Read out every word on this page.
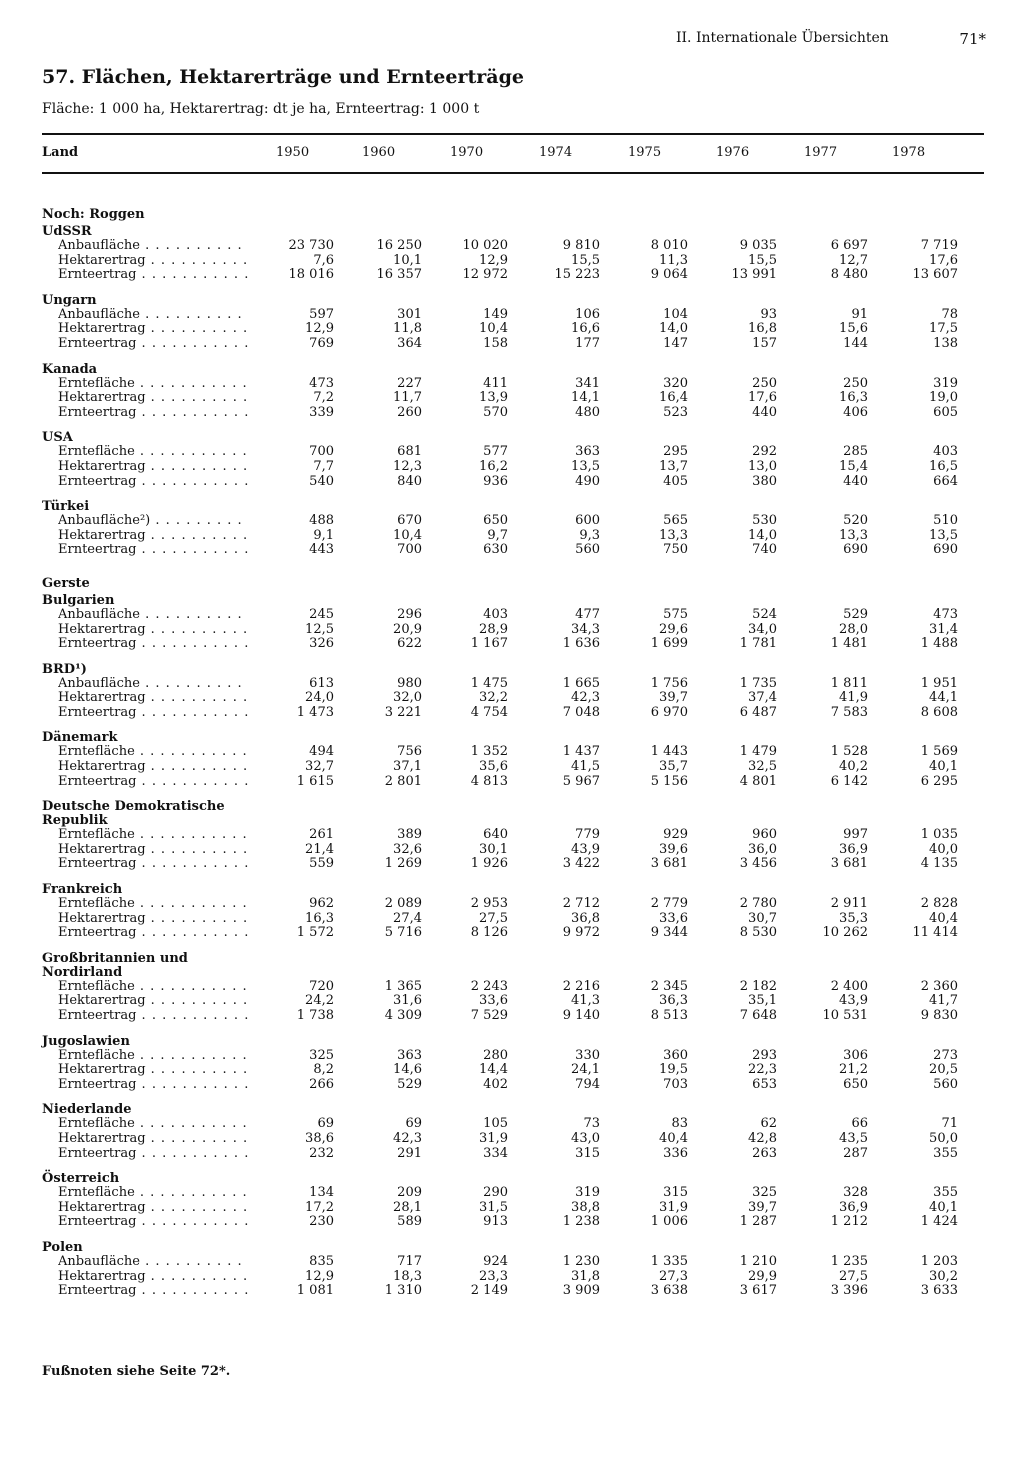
II. Internationale Übersichten	71*
57. Flächen, Hektarerträge und Ernteerträge
Fläche: 1 000 ha, Hektarertrag: dt je ha, Ernteertrag: 1 000 t
Land	1950	1960	1970	1974	1975	1976	1977	1978
Noch: Roggen
UdSSR
Anbaufläche . . .	23 730	16 250	10 020	9 810	8 010	9 035	6 697	7 719
Hektarertrag . . .	7,6	10,1	12,9	15,5	11,3	15,5	12,7	17,6
Ernteertrag . . .	18 016	16 357	12 972	15 223	9 064	13 991	8 480	13 607
Ungarn
Anbaufläche . . .	597	301	149	106	104	93	91	78
Hektarertrag . . .	12,9	11,8	10,4	16,6	14,0	16,8	15,6	17,5
Ernteertrag . . .	769	364	158	177	147	157	144	138
Kanada
Erntefläche . . .	473	227	411	341	320	250	250	319
Hektarertrag . . .	7,2	11,7	13,9	14,1	16,4	17,6	16,3	19,0
Ernteertrag . . .	339	260	570	480	523	440	406	605
USA
Erntefläche . . .	700	681	577	363	295	292	285	403
Hektarertrag . . .	7,7	12,3	16,2	13,5	13,7	13,0	15,4	16,5
Ernteertrag . . .	540	840	936	490	405	380	440	664
Türkei
Anbaufläche²) . . .	488	670	650	600	565	530	520	510
Hektarertrag . . .	9,1	10,4	9,7	9,3	13,3	14,0	13,3	13,5
Ernteertrag . . .	443	700	630	560	750	740	690	690
Gerste
Bulgarien
Anbaufläche . . .	245	296	403	477	575	524	529	473
Hektarertrag . . .	12,5	20,9	28,9	34,3	29,6	34,0	28,0	31,4
Ernteertrag . . .	326	622	1 167	1 636	1 699	1 781	1 481	1 488
BRD¹)
Anbaufläche . . .	613	980	1 475	1 665	1 756	1 735	1 811	1 951
Hektarertrag . . .	24,0	32,0	32,2	42,3	39,7	37,4	41,9	44,1
Ernteertrag . . .	1 473	3 221	4 754	7 048	6 970	6 487	7 583	8 608
Dänemark
Erntefläche . . .	494	756	1 352	1 437	1 443	1 479	1 528	1 569
Hektarertrag . . .	32,7	37,1	35,6	41,5	35,7	32,5	40,2	40,1
Ernteertrag . . .	1 615	2 801	4 813	5 967	5 156	4 801	6 142	6 295
Deutsche Demokratische Republik
Erntefläche . . .	261	389	640	779	929	960	997	1 035
Hektarertrag . . .	21,4	32,6	30,1	43,9	39,6	36,0	36,9	40,0
Ernteertrag . . .	559	1 269	1 926	3 422	3 681	3 456	3 681	4 135
Frankreich
Erntefläche . . .	962	2 089	2 953	2 712	2 779	2 780	2 911	2 828
Hektarertrag . . .	16,3	27,4	27,5	36,8	33,6	30,7	35,3	40,4
Ernteertrag . . .	1 572	5 716	8 126	9 972	9 344	8 530	10 262	11 414
Großbritannien und Nordirland
Erntefläche . . .	720	1 365	2 243	2 216	2 345	2 182	2 400	2 360
Hektarertrag . . .	24,2	31,6	33,6	41,3	36,3	35,1	43,9	41,7
Ernteertrag . . .	1 738	4 309	7 529	9 140	8 513	7 648	10 531	9 830
Jugoslawien
Erntefläche . . .	325	363	280	330	360	293	306	273
Hektarertrag . . .	8,2	14,6	14,4	24,1	19,5	22,3	21,2	20,5
Ernteertrag . . .	266	529	402	794	703	653	650	560
Niederlande
Erntefläche . . .	69	69	105	73	83	62	66	71
Hektarertrag . . .	38,6	42,3	31,9	43,0	40,4	42,8	43,5	50,0
Ernteertrag . . .	232	291	334	315	336	263	287	355
Österreich
Erntefläche . . .	134	209	290	319	315	325	328	355
Hektarertrag . . .	17,2	28,1	31,5	38,8	31,9	39,7	36,9	40,1
Ernteertrag . . .	230	589	913	1 238	1 006	1 287	1 212	1 424
Polen
Anbaufläche . . .	835	717	924	1 230	1 335	1 210	1 235	1 203
Hektarertrag . . .	12,9	18,3	23,3	31,8	27,3	29,9	27,5	30,2
Ernteertrag . . .	1 081	1 310	2 149	3 909	3 638	3 617	3 396	3 633
Fußnoten siehe Seite 72*.
